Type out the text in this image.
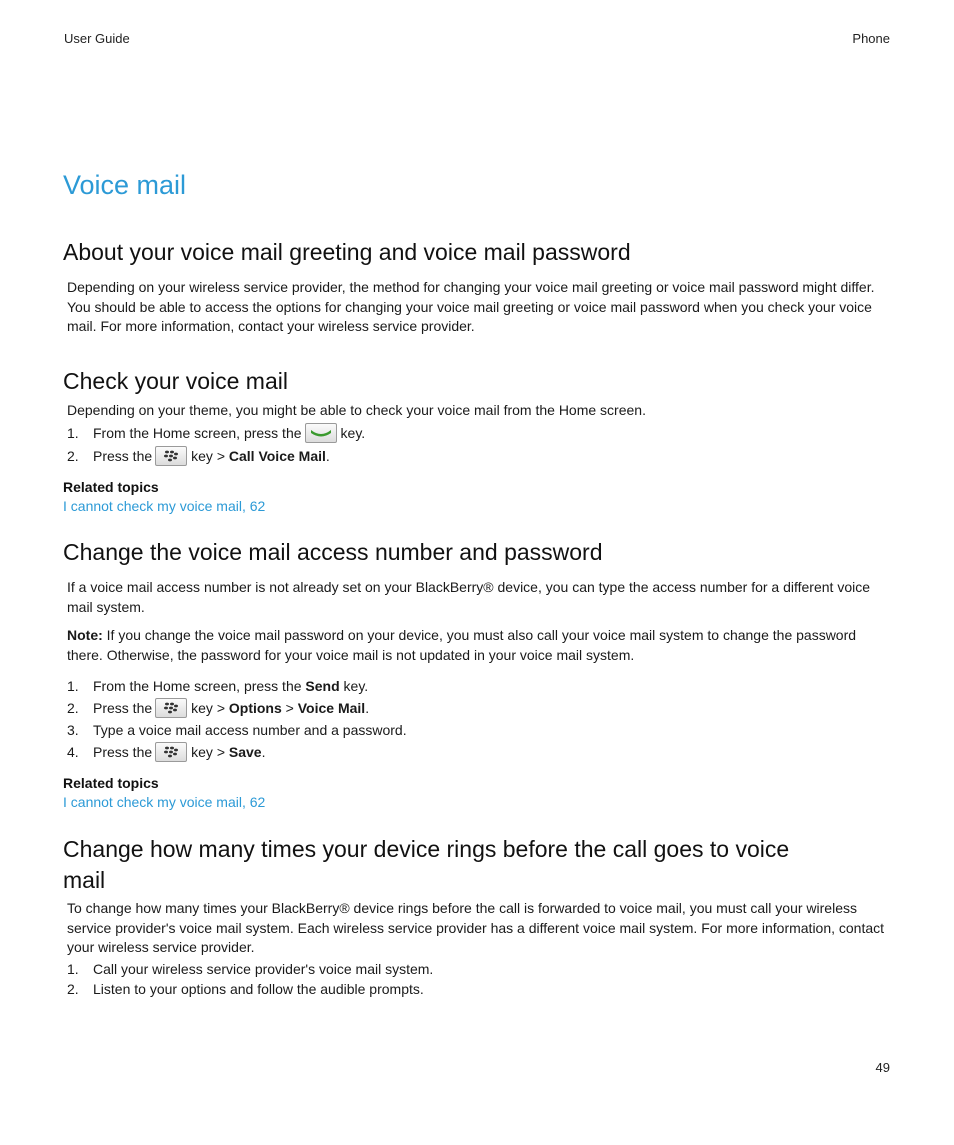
User Guide	Phone
Voice mail
About your voice mail greeting and voice mail password

Depending on your wireless service provider, the method for changing your voice mail greeting or voice mail password might differ. You should be able to access the options for changing your voice mail greeting or voice mail password when you check your voice mail. For more information, contact your wireless service provider.

Check your voice mail

Depending on your theme, you might be able to check your voice mail from the Home screen.

1.	From the Home screen, press the	key.
2.	Press the	key >
Call Voice Mail .
Related topics
I cannot check my voice mail, 62
Change the voice mail access number and password

If a voice mail access number is not already set on your BlackBerry® device, you can type the access number for a different voice mail system.

Note: If you change the voice mail password on your device, you must also call your voice mail system to change the password there. Otherwise, the password for your voice mail is not updated in your voice mail system.

1.	From the Home screen, press the
Send
key.
2.	Press the	key >
Options
>
Voice Mail .
3.	Type a voice mail access number and a password.
4.	Press the	key >
Save .
Related topics
I cannot check my voice mail, 62
Change how many times your device rings before the call goes to voice
mail

To change how many times your BlackBerry® device rings before the call is forwarded to voice mail, you must call your wireless service provider's voice mail system. Each wireless service provider has a different voice mail system. For more information, contact your wireless service provider.

1.	Call your wireless service provider's voice mail system.
2.	Listen to your options and follow the audible prompts.
49
